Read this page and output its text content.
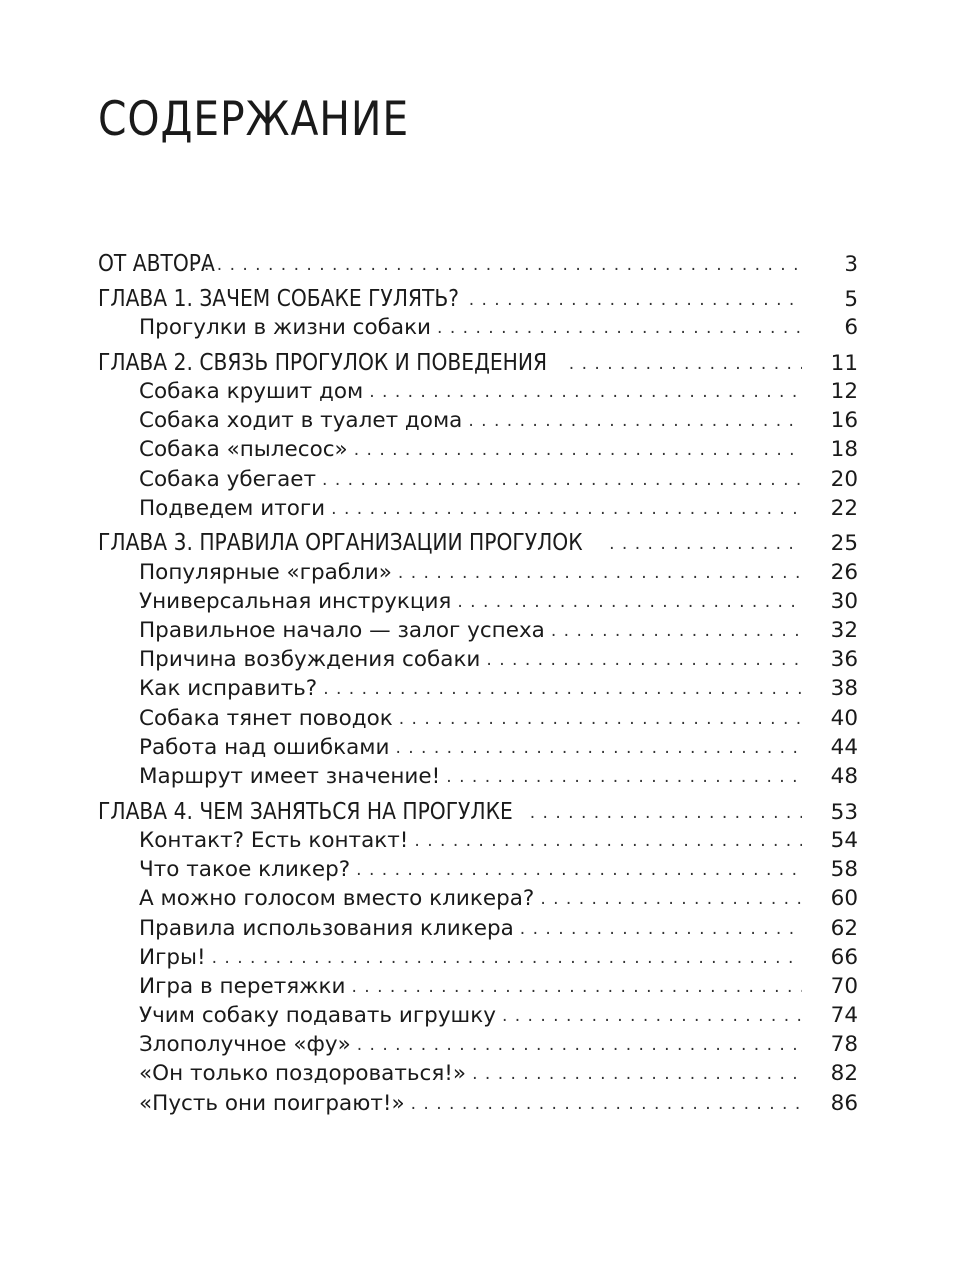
СОДЕРЖАНИЕ
ОТ АВТОРА . . .	3
ГЛАВА 1. ЗАЧЕМ СОБАКЕ ГУЛЯТЬ? . . .	5
Прогулки в жизни собаки . . .	6
ГЛАВА 2. СВЯЗЬ ПРОГУЛОК И ПОВЕДЕНИЯ . . .	11
Собака крушит дом . . .	12
Собака ходит в туалет дома . . .	16
Собака «пылесос» . . .	18
Собака убегает . . .	20
Подведем итоги . . .	22
ГЛАВА 3. ПРАВИЛА ОРГАНИЗАЦИИ ПРОГУЛОК . . .	25
Популярные «грабли» . . .	26
Универсальная инструкция . . .	30
Правильное начало — залог успеха . . .	32
Причина возбуждения собаки . . .	36
Как исправить? . . .	38
Собака тянет поводок . . .	40
Работа над ошибками . . .	44
Маршрут имеет значение! . . .	48
ГЛАВА 4. ЧЕМ ЗАНЯТЬСЯ НА ПРОГУЛКЕ . . .	53
Контакт? Есть контакт! . . .	54
Что такое кликер? . . .	58
А можно голосом вместо кликера? . . .	60
Правила использования кликера . . .	62
Игры! . . .	66
Игра в перетяжки . . .	70
Учим собаку подавать игрушку . . .	74
Злополучное «фу» . . .	78
«Он только поздороваться!» . . .	82
«Пусть они поиграют!» . . .	86
